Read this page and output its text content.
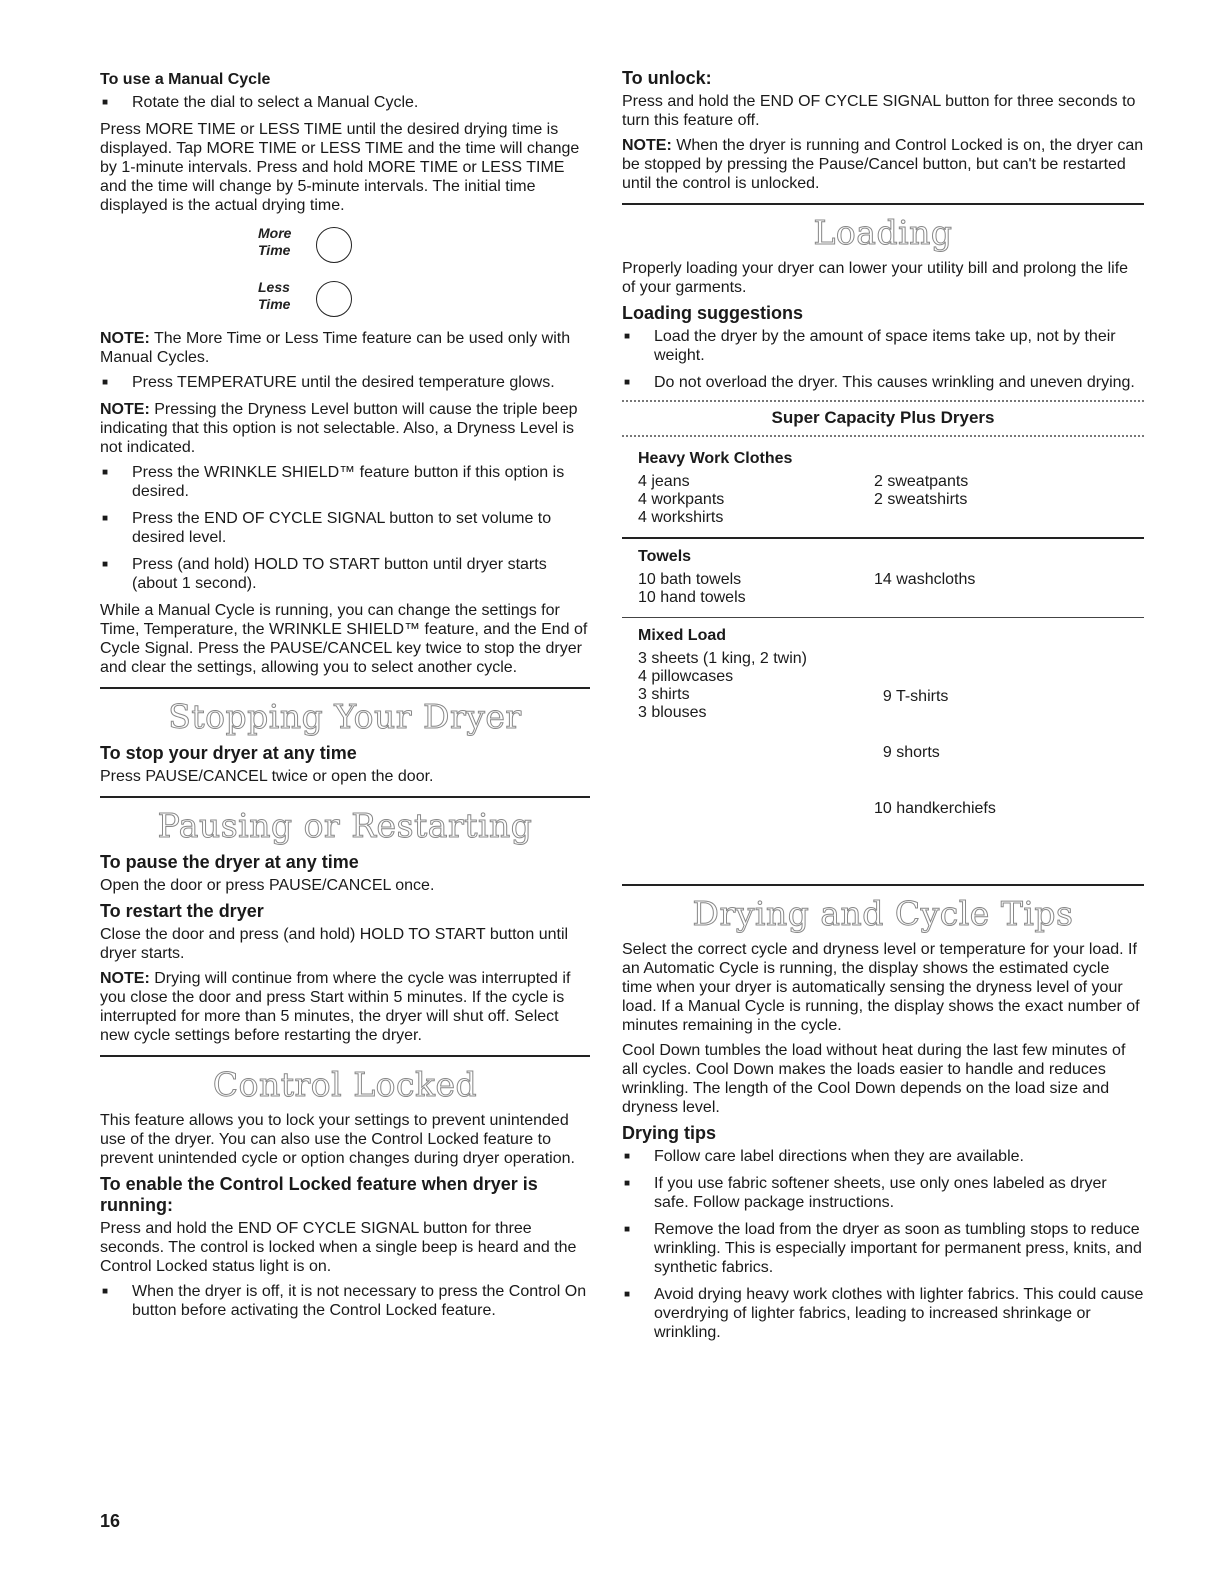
To use a Manual Cycle
■ Rotate the dial to select a Manual Cycle.

Press MORE TIME or LESS TIME until the desired drying time is displayed. Tap MORE TIME or LESS TIME and the time will change by 1-minute intervals. Press and hold MORE TIME or LESS TIME and the time will change by 5-minute intervals. The initial time displayed is the actual drying time.

More
Time
Less
Time

NOTE: The More Time or Less Time feature can be used only with Manual Cycles.

■ Press TEMPERATURE until the desired temperature glows.

NOTE: Pressing the Dryness Level button will cause the triple beep indicating that this option is not selectable. Also, a Dryness Level is not indicated.

■ Press the WRINKLE SHIELD™ feature button if this option is desired.
■ Press the END OF CYCLE SIGNAL button to set volume to desired level.
■ Press (and hold) HOLD TO START button until dryer starts (about 1 second).

While a Manual Cycle is running, you can change the settings for Time, Temperature, the WRINKLE SHIELD™ feature, and the End of Cycle Signal. Press the PAUSE/CANCEL key twice to stop the dryer and clear the settings, allowing you to select another cycle.

Stopping Your Dryer
To stop your dryer at any time

Press PAUSE/CANCEL twice or open the door.

Pausing or Restarting
To pause the dryer at any time

Open the door or press PAUSE/CANCEL once.

To restart the dryer

Close the door and press (and hold) HOLD TO START button until dryer starts.

NOTE: Drying will continue from where the cycle was interrupted if you close the door and press Start within 5 minutes. If the cycle is interrupted for more than 5 minutes, the dryer will shut off. Select new cycle settings before restarting the dryer.

Control Locked

This feature allows you to lock your settings to prevent unintended use of the dryer. You can also use the Control Locked feature to prevent unintended cycle or option changes during dryer operation.

To enable the Control Locked feature when dryer is running:

Press and hold the END OF CYCLE SIGNAL button for three seconds. The control is locked when a single beep is heard and the Control Locked status light is on.

■ When the dryer is off, it is not necessary to press the Control On button before activating the Control Locked feature.
To unlock:

Press and hold the END OF CYCLE SIGNAL button for three seconds to turn this feature off.

NOTE: When the dryer is running and Control Locked is on, the dryer can be stopped by pressing the Pause/Cancel button, but can't be restarted until the control is unlocked.

Loading

Properly loading your dryer can lower your utility bill and prolong the life of your garments.

Loading suggestions
■ Load the dryer by the amount of space items take up, not by their weight.
■ Do not overload the dryer. This causes wrinkling and uneven drying.
Super Capacity Plus Dryers
Heavy Work Clothes
4 jeans
4 workpants
4 workshirts
2 sweatpants
2 sweatshirts
Towels
10 bath towels
10 hand towels
14 washcloths
Mixed Load
3 sheets (1 king, 2 twin)
4 pillowcases
3 shirts
3 blouses

9 T-shirts

9 shorts

10 handkerchiefs

Drying and Cycle Tips

Select the correct cycle and dryness level or temperature for your load. If an Automatic Cycle is running, the display shows the estimated cycle time when your dryer is automatically sensing the dryness level of your load. If a Manual Cycle is running, the display shows the exact number of minutes remaining in the cycle.

Cool Down tumbles the load without heat during the last few minutes of all cycles. Cool Down makes the loads easier to handle and reduces wrinkling. The length of the Cool Down depends on the load size and dryness level.

Drying tips
■ Follow care label directions when they are available.
■ If you use fabric softener sheets, use only ones labeled as dryer safe. Follow package instructions.
■ Remove the load from the dryer as soon as tumbling stops to reduce wrinkling. This is especially important for permanent press, knits, and synthetic fabrics.
■ Avoid drying heavy work clothes with lighter fabrics. This could cause overdrying of lighter fabrics, leading to increased shrinkage or wrinkling.
16
